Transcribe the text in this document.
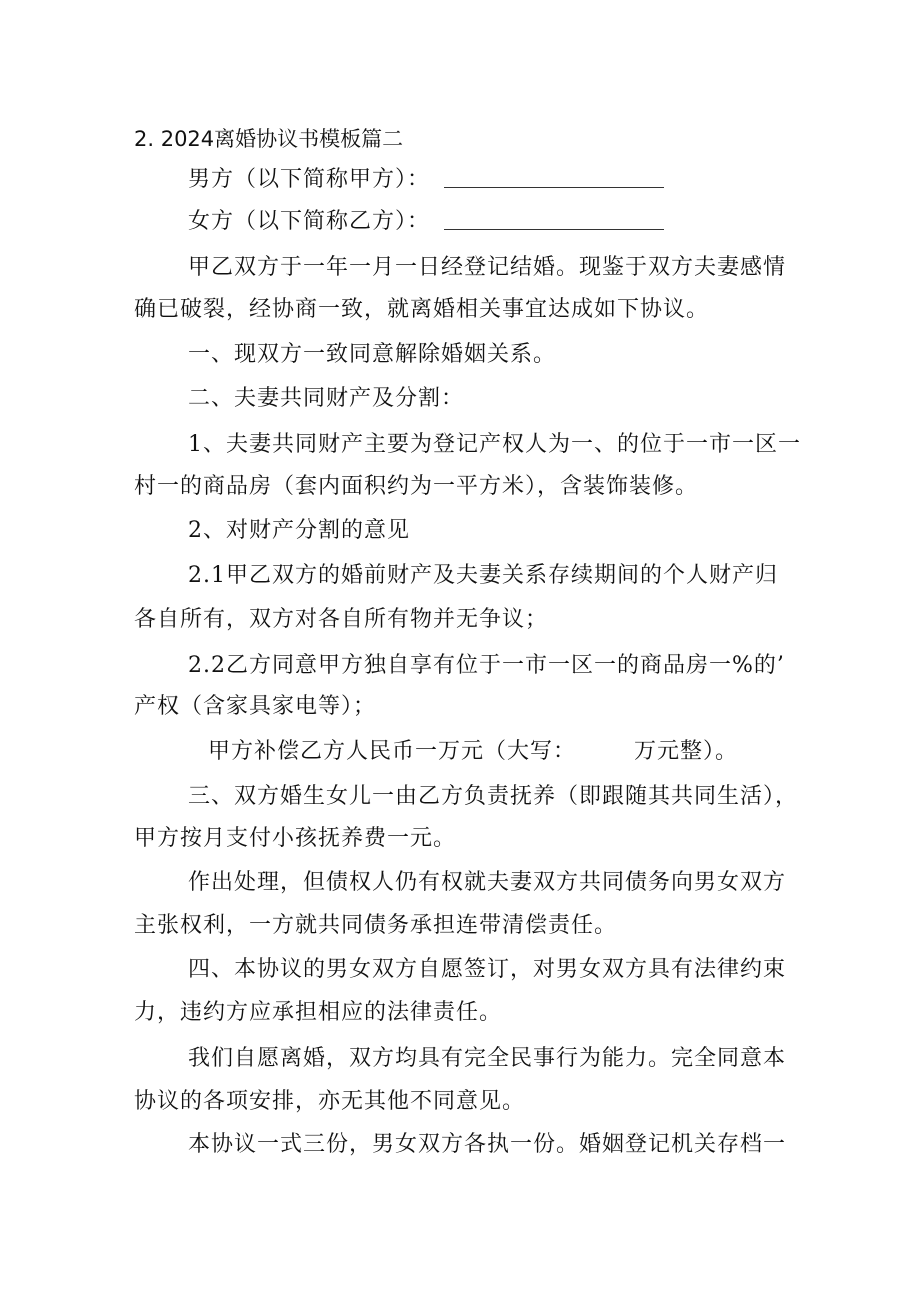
2. 2024离婚协议书模板篇二
男方（以下简称甲方）：
女方（以下简称乙方）：
甲乙双方于一年一月一日经登记结婚。现鉴于双方夫妻感情
确已破裂，经协商一致，就离婚相关事宜达成如下协议。
一、现双方一致同意解除婚姻关系。
二、夫妻共同财产及分割：
1、夫妻共同财产主要为登记产权人为一、的位于一市一区一
村一的商品房（套内面积约为一平方米），含装饰装修。
2、对财产分割的意见
2.1甲乙双方的婚前财产及夫妻关系存续期间的个人财产归
各自所有，双方对各自所有物并无争议；
2.2乙方同意甲方独自享有位于一市一区一的商品房一%的’
产权（含家具家电等）；
甲方补偿乙方人民币一万元（大写：	万元整）。
三、双方婚生女儿一由乙方负责抚养（即跟随其共同生活），
甲方按月支付小孩抚养费一元。
作出处理，但债权人仍有权就夫妻双方共同债务向男女双方
主张权利，一方就共同债务承担连带清偿责任。
四、本协议的男女双方自愿签订，对男女双方具有法律约束
力，违约方应承担相应的法律责任。
我们自愿离婚，双方均具有完全民事行为能力。完全同意本
协议的各项安排，亦无其他不同意见。
本协议一式三份，男女双方各执一份。婚姻登记机关存档一
